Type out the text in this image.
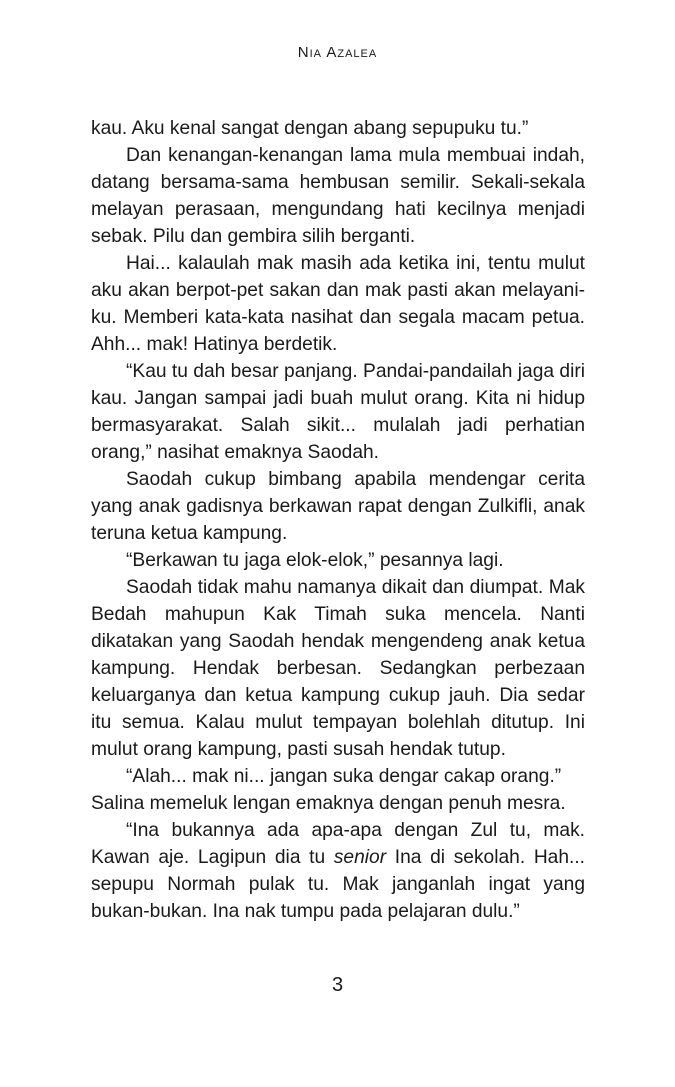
Nia Azalea

kau. Aku kenal sangat dengan abang sepupuku tu.”

Dan kenangan-kenangan lama mula membuai indah, datang bersama-sama hembusan semilir. Sekali-sekala melayan perasaan, mengundang hati kecilnya menjadi sebak. Pilu dan gembira silih berganti.

Hai... kalaulah mak masih ada ketika ini, tentu mulut aku akan berpot-pet sakan dan mak pasti akan melayani-ku. Memberi kata-kata nasihat dan segala macam petua. Ahh... mak! Hatinya berdetik.

“Kau tu dah besar panjang. Pandai-pandailah jaga diri kau. Jangan sampai jadi buah mulut orang. Kita ni hidup bermasyarakat. Salah sikit... mulalah jadi perhatian orang,” nasihat emaknya Saodah.

Saodah cukup bimbang apabila mendengar cerita yang anak gadisnya berkawan rapat dengan Zulkifli, anak teruna ketua kampung.

“Berkawan tu jaga elok-elok,” pesannya lagi.

Saodah tidak mahu namanya dikait dan diumpat. Mak Bedah mahupun Kak Timah suka mencela. Nanti dikatakan yang Saodah hendak mengendeng anak ketua kampung. Hendak berbesan. Sedangkan perbezaan keluarganya dan ketua kampung cukup jauh. Dia sedar itu semua. Kalau mulut tempayan bolehlah ditutup. Ini mulut orang kampung, pasti susah hendak tutup.

“Alah... mak ni... jangan suka dengar cakap orang.”

Salina memeluk lengan emaknya dengan penuh mesra.

“Ina bukannya ada apa-apa dengan Zul tu, mak. Kawan aje. Lagipun dia tu senior Ina di sekolah. Hah... sepupu Normah pulak tu. Mak janganlah ingat yang bukan-bukan. Ina nak tumpu pada pelajaran dulu.”

3
